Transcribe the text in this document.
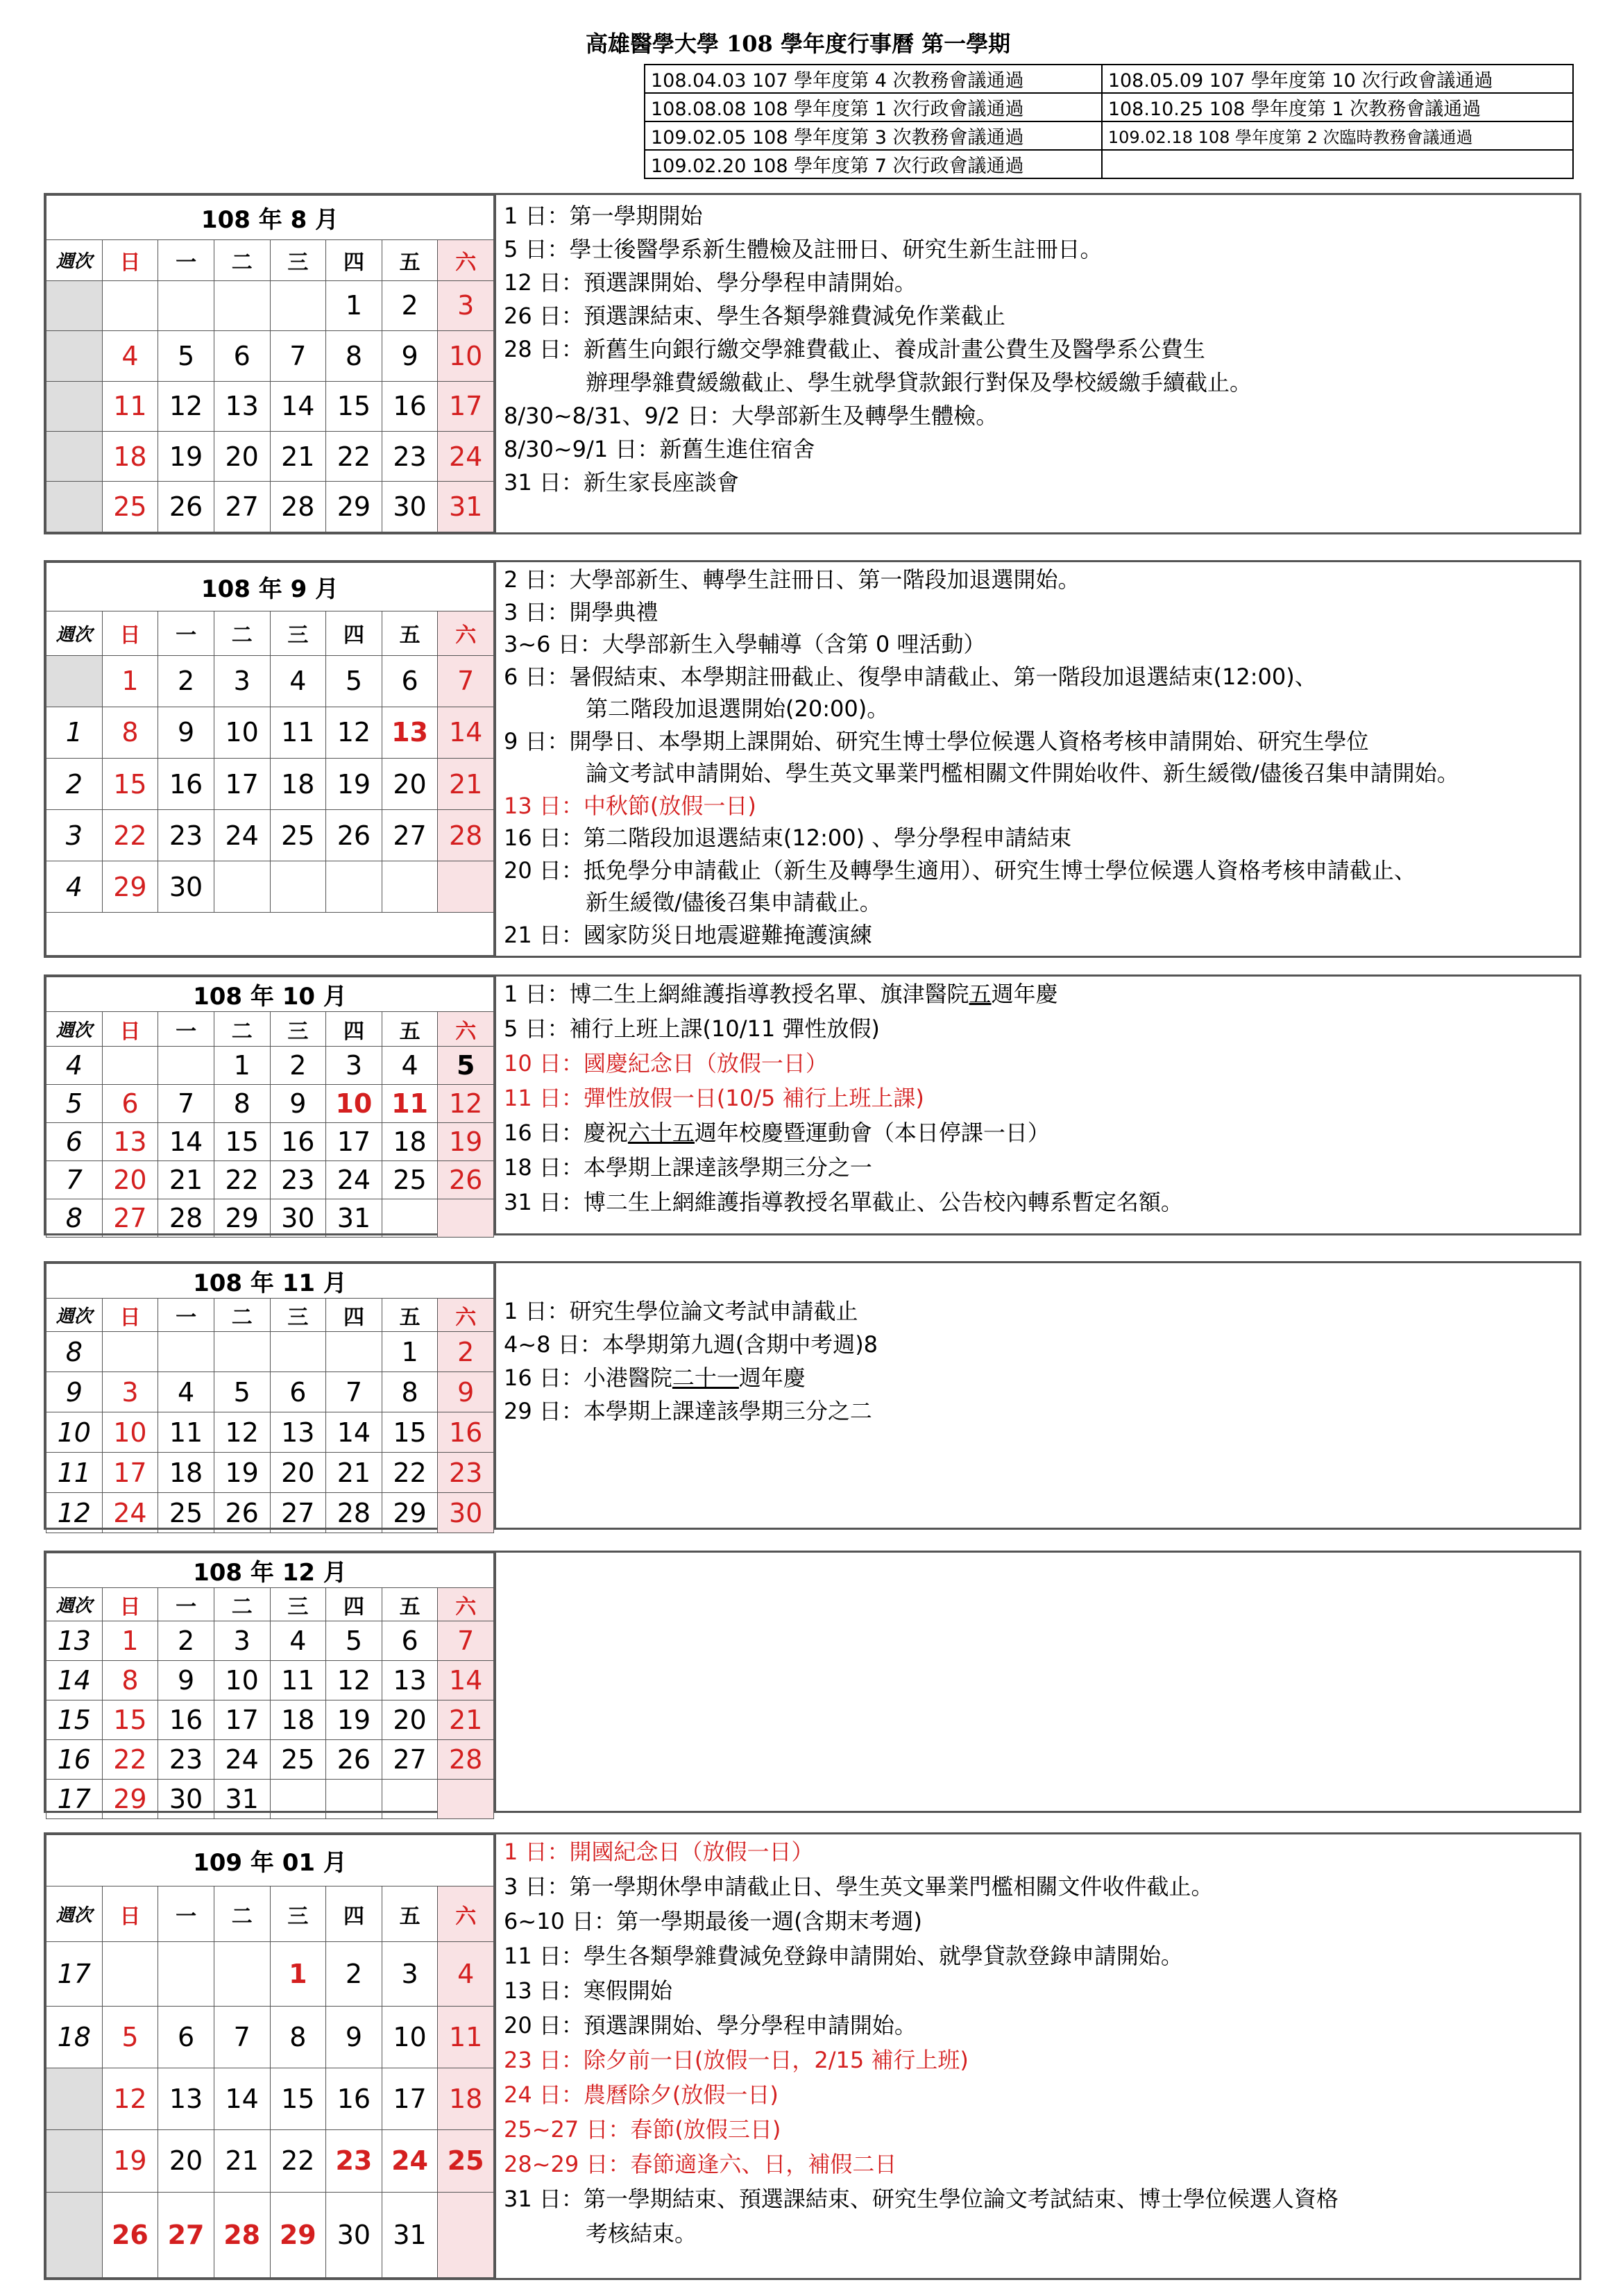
高雄醫學大學 108 學年度行事曆 第一學期
108.04.03 107 學年度第 4 次教務會議通過	108.05.09 107 學年度第 10 次行政會議通過
108.08.08 108 學年度第 1 次行政會議通過	108.10.25 108 學年度第 1 次教務會議通過
109.02.05 108 學年度第 3 次教務會議通過	109.02.18 108 學年度第 2 次臨時教務會議通過
109.02.20 108 學年度第 7 次行政會議通過	
108 年 8 月							
週次	日	一	二	三	四	五	六
					1	2	3
	4	5	6	7	8	9	10
	11	12	13	14	15	16	17
	18	19	20	21	22	23	24
	25	26	27	28	29	30	31
1 日：第一學期開始
5 日：學士後醫學系新生體檢及註冊日、研究生新生註冊日。
12 日：預選課開始、學分學程申請開始。
26 日：預選課結束、學生各類學雜費減免作業截止
28 日：新舊生向銀行繳交學雜費截止、養成計畫公費生及醫學系公費生
辦理學雜費緩繳截止、學生就學貸款銀行對保及學校緩繳手續截止。
8/30~8/31、9/2 日：大學部新生及轉學生體檢。
8/30~9/1 日：新舊生進住宿舍
31 日：新生家長座談會
108 年 9 月							
週次	日	一	二	三	四	五	六
	1	2	3	4	5	6	7
1	8	9	10	11	12	13	14
2	15	16	17	18	19	20	21
3	22	23	24	25	26	27	28
4	29	30					

2 日：大學部新生、轉學生註冊日、第一階段加退選開始。
3 日：開學典禮
3~6 日：大學部新生入學輔導（含第 0 哩活動）
6 日：暑假結束、本學期註冊截止、復學申請截止、第一階段加退選結束(12:00)、
第二階段加退選開始(20:00)。
9 日：開學日、本學期上課開始、研究生博士學位候選人資格考核申請開始、研究生學位
論文考試申請開始、學生英文畢業門檻相關文件開始收件、新生緩徵/儘後召集申請開始。
13 日：中秋節(放假一日)
16 日：第二階段加退選結束(12:00) 、學分學程申請結束
20 日：抵免學分申請截止（新生及轉學生適用）、研究生博士學位候選人資格考核申請截止、
新生緩徵/儘後召集申請截止。
21 日：國家防災日地震避難掩護演練
108 年 10 月							
週次	日	一	二	三	四	五	六
4			1	2	3	4	5
5	6	7	8	9	10	11	12
6	13	14	15	16	17	18	19
7	20	21	22	23	24	25	26
8	27	28	29	30	31		
1 日：博二生上網維護指導教授名單、旗津醫院五週年慶
5 日：補行上班上課(10/11 彈性放假)
10 日：國慶紀念日（放假一日）
11 日：彈性放假一日(10/5 補行上班上課)
16 日：慶祝六十五週年校慶暨運動會（本日停課一日）
18 日：本學期上課達該學期三分之一
31 日：博二生上網維護指導教授名單截止、公告校內轉系暫定名額。
108 年 11 月							
週次	日	一	二	三	四	五	六
8						1	2
9	3	4	5	6	7	8	9
10	10	11	12	13	14	15	16
11	17	18	19	20	21	22	23
12	24	25	26	27	28	29	30
1 日：研究生學位論文考試申請截止
4~8 日：本學期第九週(含期中考週)8
16 日：小港醫院二十一週年慶
29 日：本學期上課達該學期三分之二
108 年 12 月							
週次	日	一	二	三	四	五	六
13	1	2	3	4	5	6	7
14	8	9	10	11	12	13	14
15	15	16	17	18	19	20	21
16	22	23	24	25	26	27	28
17	29	30	31				
109 年 01 月							
週次	日	一	二	三	四	五	六
17				1	2	3	4
18	5	6	7	8	9	10	11
	12	13	14	15	16	17	18
	19	20	21	22	23	24	25
	26	27	28	29	30	31	
1 日：開國紀念日（放假一日）
3 日：第一學期休學申請截止日、學生英文畢業門檻相關文件收件截止。
6~10 日：第一學期最後一週(含期末考週)
11 日：學生各類學雜費減免登錄申請開始、就學貸款登錄申請開始。
13 日：寒假開始
20 日：預選課開始、學分學程申請開始。
23 日：除夕前一日(放假一日，2/15 補行上班)
24 日：農曆除夕(放假一日)
25~27 日：春節(放假三日)
28~29 日：春節適逢六、日，補假二日
31 日：第一學期結束、預選課結束、研究生學位論文考試結束、博士學位候選人資格
考核結束。
